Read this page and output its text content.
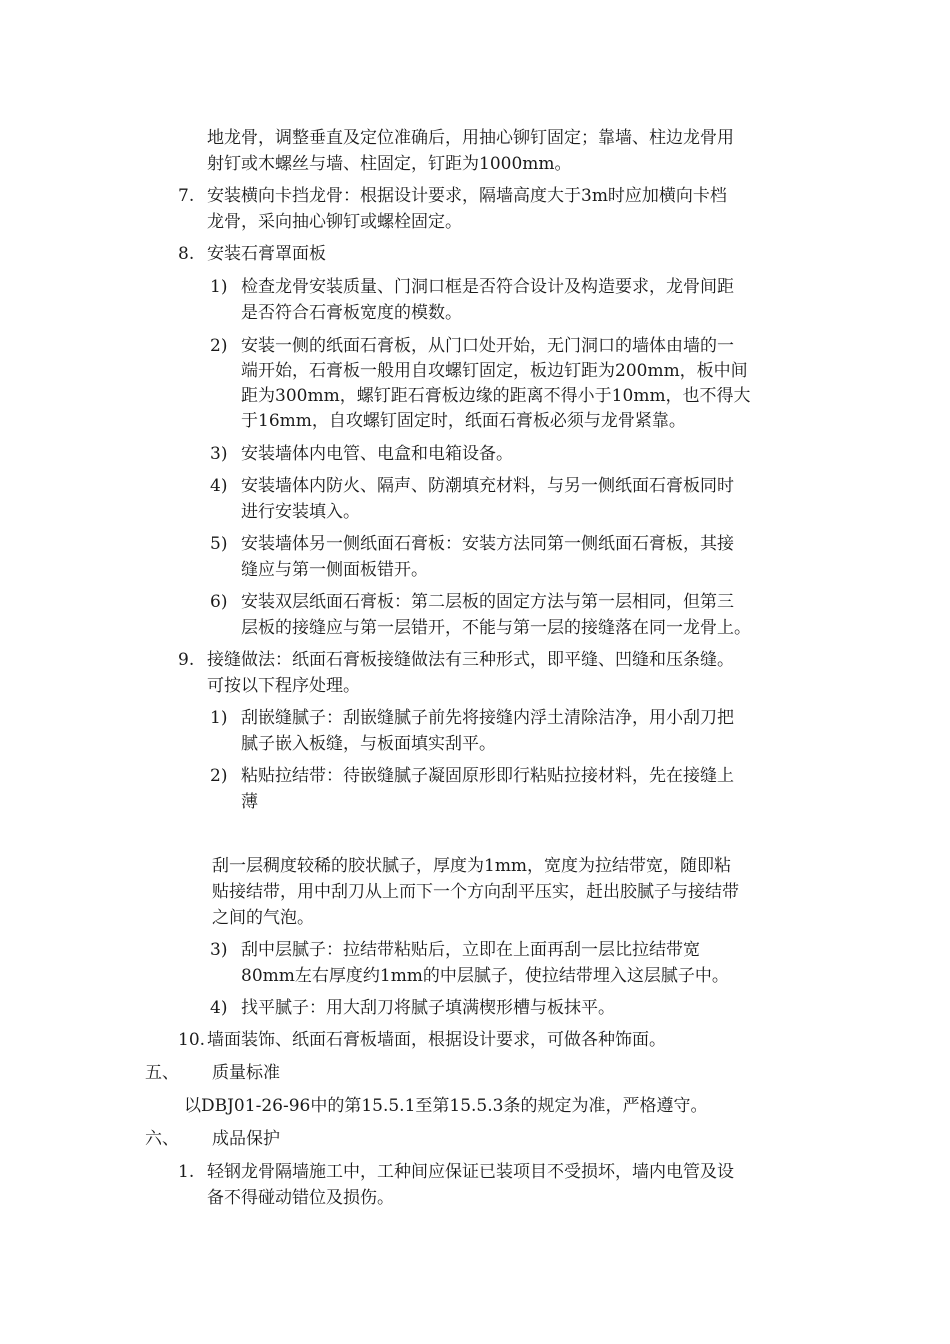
地龙骨，调整垂直及定位准确后，用抽心铆钉固定；靠墙、柱边龙骨用
射钉或木螺丝与墙、柱固定，钉距为1000mm。
7. 安装横向卡挡龙骨：根据设计要求，隔墙高度大于3m时应加横向卡档
龙骨，采向抽心铆钉或螺栓固定。
8. 安装石膏罩面板
1) 检查龙骨安装质量、门洞口框是否符合设计及构造要求，龙骨间距
是否符合石膏板宽度的模数。
2) 安装一侧的纸面石膏板，从门口处开始，无门洞口的墙体由墙的一
端开始，石膏板一般用自攻螺钉固定，板边钉距为200mm，板中间
距为300mm，螺钉距石膏板边缘的距离不得小于10mm，也不得大
于16mm，自攻螺钉固定时，纸面石膏板必须与龙骨紧靠。
3) 安装墙体内电管、电盒和电箱设备。
4) 安装墙体内防火、隔声、防潮填充材料，与另一侧纸面石膏板同时
进行安装填入。
5) 安装墙体另一侧纸面石膏板：安装方法同第一侧纸面石膏板，其接
缝应与第一侧面板错开。
6) 安装双层纸面石膏板：第二层板的固定方法与第一层相同，但第三
层板的接缝应与第一层错开，不能与第一层的接缝落在同一龙骨上。
9. 接缝做法：纸面石膏板接缝做法有三种形式，即平缝、凹缝和压条缝。
可按以下程序处理。
1) 刮嵌缝腻子：刮嵌缝腻子前先将接缝内浮土清除洁净，用小刮刀把
腻子嵌入板缝，与板面填实刮平。
2) 粘贴拉结带：待嵌缝腻子凝固原形即行粘贴拉接材料，先在接缝上
薄
刮一层稠度较稀的胶状腻子，厚度为1mm，宽度为拉结带宽，随即粘
贴接结带，用中刮刀从上而下一个方向刮平压实，赶出胶腻子与接结带
之间的气泡。
3) 刮中层腻子：拉结带粘贴后，立即在上面再刮一层比拉结带宽
80mm左右厚度约1mm的中层腻子，使拉结带埋入这层腻子中。
4) 找平腻子：用大刮刀将腻子填满楔形槽与板抹平。
10. 墙面装饰、纸面石膏板墙面，根据设计要求，可做各种饰面。
五、 质量标准
以DBJ01-26-96中的第15.5.1至第15.5.3条的规定为准，严格遵守。
六、 成品保护
1. 轻钢龙骨隔墙施工中，工种间应保证已装项目不受损坏，墙内电管及设
备不得碰动错位及损伤。
